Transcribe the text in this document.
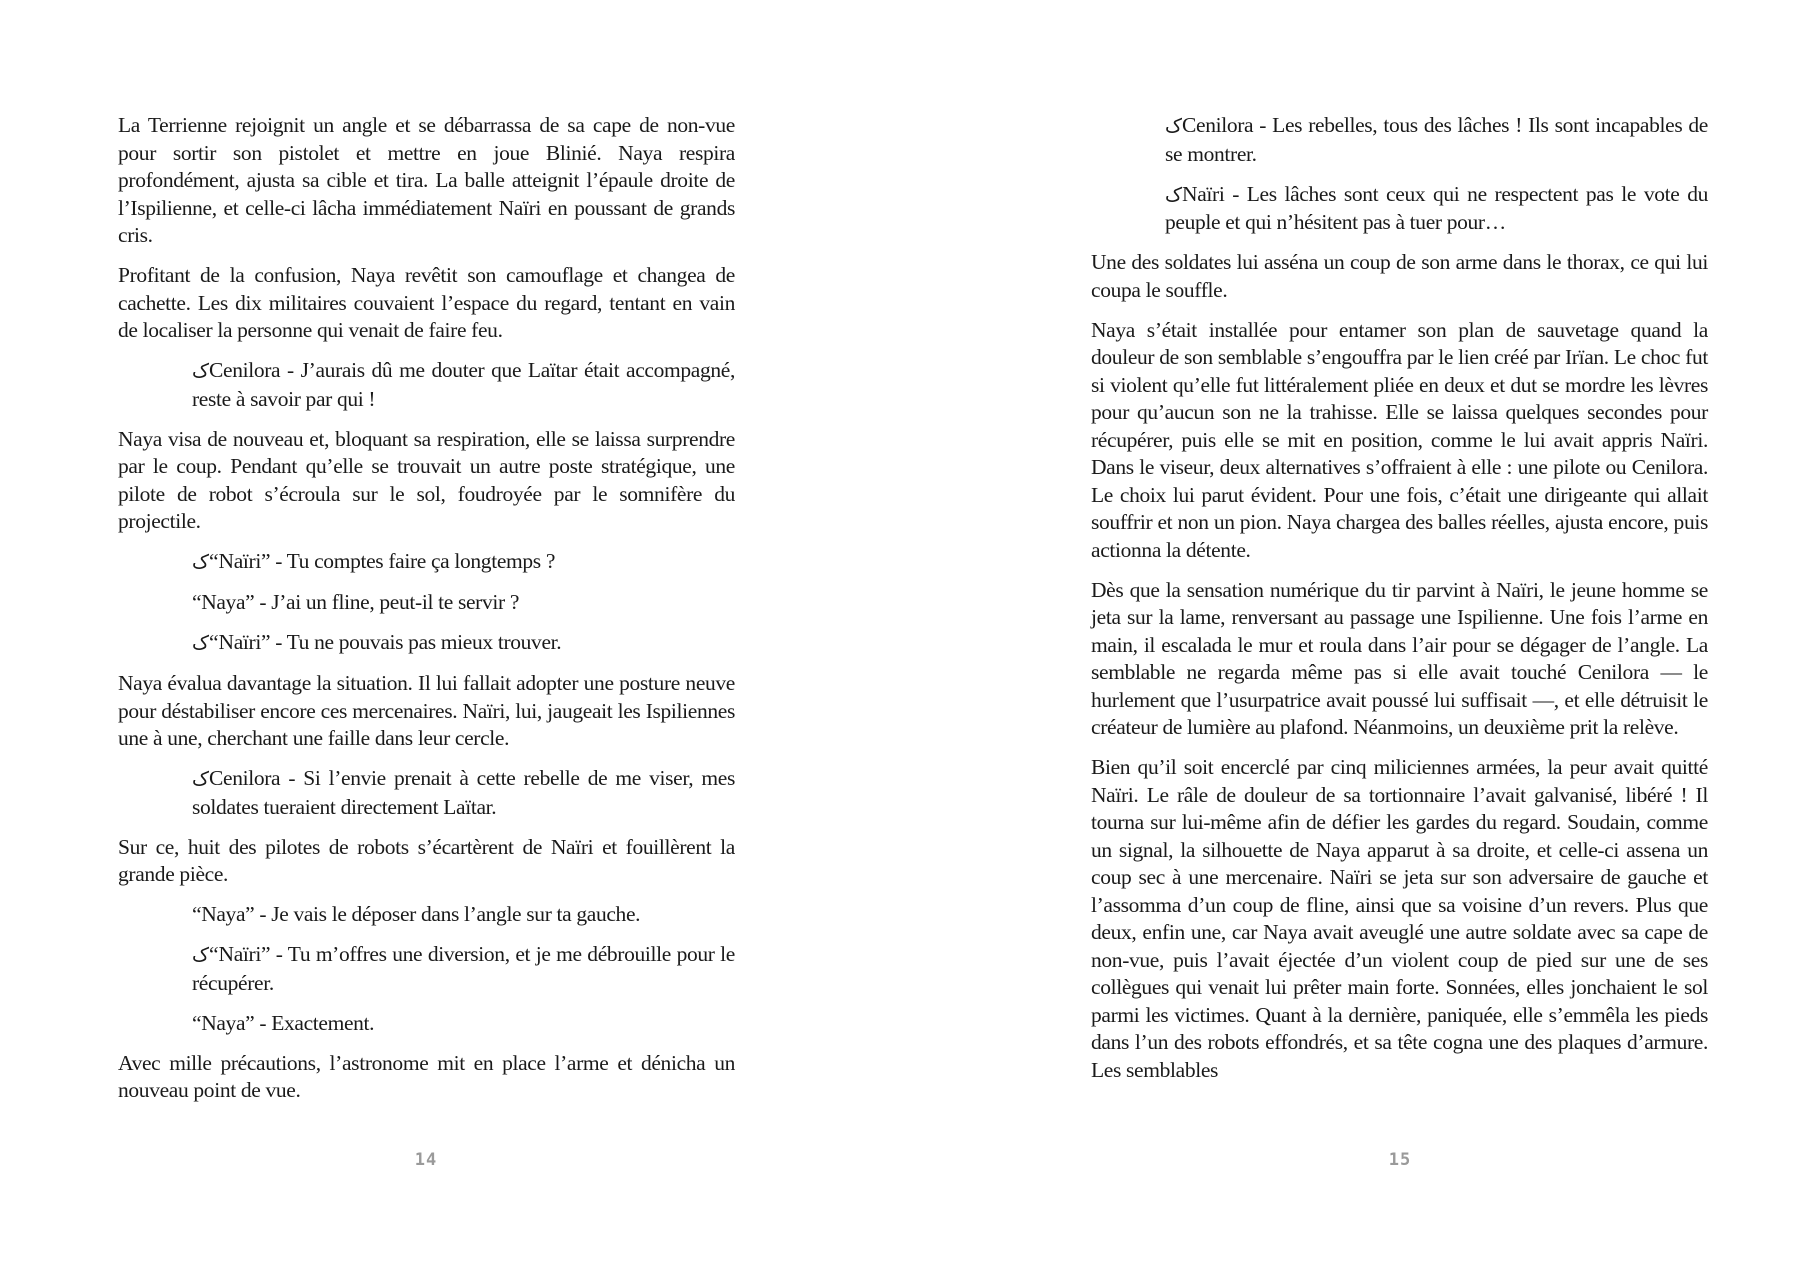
La Terrienne rejoignit un angle et se débarrassa de sa cape de non-vue pour sortir son pistolet et mettre en joue Blinié. Naya respira profondément, ajusta sa cible et tira. La balle atteignit l’épaule droite de l’Ispilienne, et celle-ci lâcha immédiatement Naïri en poussant de grands cris.

Profitant de la confusion, Naya revêtit son camouflage et changea de cachette. Les dix militaires couvaient l’espace du regard, tentant en vain de localiser la personne qui venait de faire feu.

کCenilora - J’aurais dû me douter que Laïtar était accompagné, reste à savoir par qui !

Naya visa de nouveau et, bloquant sa respiration, elle se laissa surprendre par le coup. Pendant qu’elle se trouvait un autre poste stratégique, une pilote de robot s’écroula sur le sol, foudroyée par le somnifère du projectile.

ک“Naïri” - Tu comptes faire ça longtemps ?

“Naya” - J’ai un fline, peut-il te servir ?

ک“Naïri” - Tu ne pouvais pas mieux trouver.

Naya évalua davantage la situation. Il lui fallait adopter une posture neuve pour déstabiliser encore ces mercenaires. Naïri, lui, jaugeait les Ispiliennes une à une, cherchant une faille dans leur cercle.

کCenilora - Si l’envie prenait à cette rebelle de me viser, mes soldates tueraient directement Laïtar.

Sur ce, huit des pilotes de robots s’écartèrent de Naïri et fouillèrent la grande pièce.

“Naya” - Je vais le déposer dans l’angle sur ta gauche.

ک“Naïri” - Tu m’offres une diversion, et je me débrouille pour le récupérer.

“Naya” - Exactement.

Avec mille précautions, l’astronome mit en place l’arme et dénicha un nouveau point de vue.

کCenilora - Les rebelles, tous des lâches ! Ils sont incapables de se montrer.

کNaïri - Les lâches sont ceux qui ne respectent pas le vote du peuple et qui n’hésitent pas à tuer pour…

Une des soldates lui asséna un coup de son arme dans le thorax, ce qui lui coupa le souffle.

Naya s’était installée pour entamer son plan de sauvetage quand la douleur de son semblable s’engouffra par le lien créé par Irïan. Le choc fut si violent qu’elle fut littéralement pliée en deux et dut se mordre les lèvres pour qu’aucun son ne la trahisse. Elle se laissa quelques secondes pour récupérer, puis elle se mit en position, comme le lui avait appris Naïri. Dans le viseur, deux alternatives s’offraient à elle : une pilote ou Cenilora. Le choix lui parut évident. Pour une fois, c’était une dirigeante qui allait souffrir et non un pion. Naya chargea des balles réelles, ajusta encore, puis actionna la détente.

Dès que la sensation numérique du tir parvint à Naïri, le jeune homme se jeta sur la lame, renversant au passage une Ispilienne. Une fois l’arme en main, il escalada le mur et roula dans l’air pour se dégager de l’angle. La semblable ne regarda même pas si elle avait touché Cenilora — le hurlement que l’usurpatrice avait poussé lui suffisait —, et elle détruisit le créateur de lumière au plafond. Néanmoins, un deuxième prit la relève.

Bien qu’il soit encerclé par cinq miliciennes armées, la peur avait quitté Naïri. Le râle de douleur de sa tortionnaire l’avait galvanisé, libéré ! Il tourna sur lui-même afin de défier les gardes du regard. Soudain, comme un signal, la silhouette de Naya apparut à sa droite, et celle-ci assena un coup sec à une mercenaire. Naïri se jeta sur son adversaire de gauche et l’assomma d’un coup de fline, ainsi que sa voisine d’un revers. Plus que deux, enfin une, car Naya avait aveuglé une autre soldate avec sa cape de non-vue, puis l’avait éjectée d’un violent coup de pied sur une de ses collègues qui venait lui prêter main forte. Sonnées, elles jonchaient le sol parmi les victimes. Quant à la dernière, paniquée, elle s’emmêla les pieds dans l’un des robots effondrés, et sa tête cogna une des plaques d’armure. Les semblables

14	15
